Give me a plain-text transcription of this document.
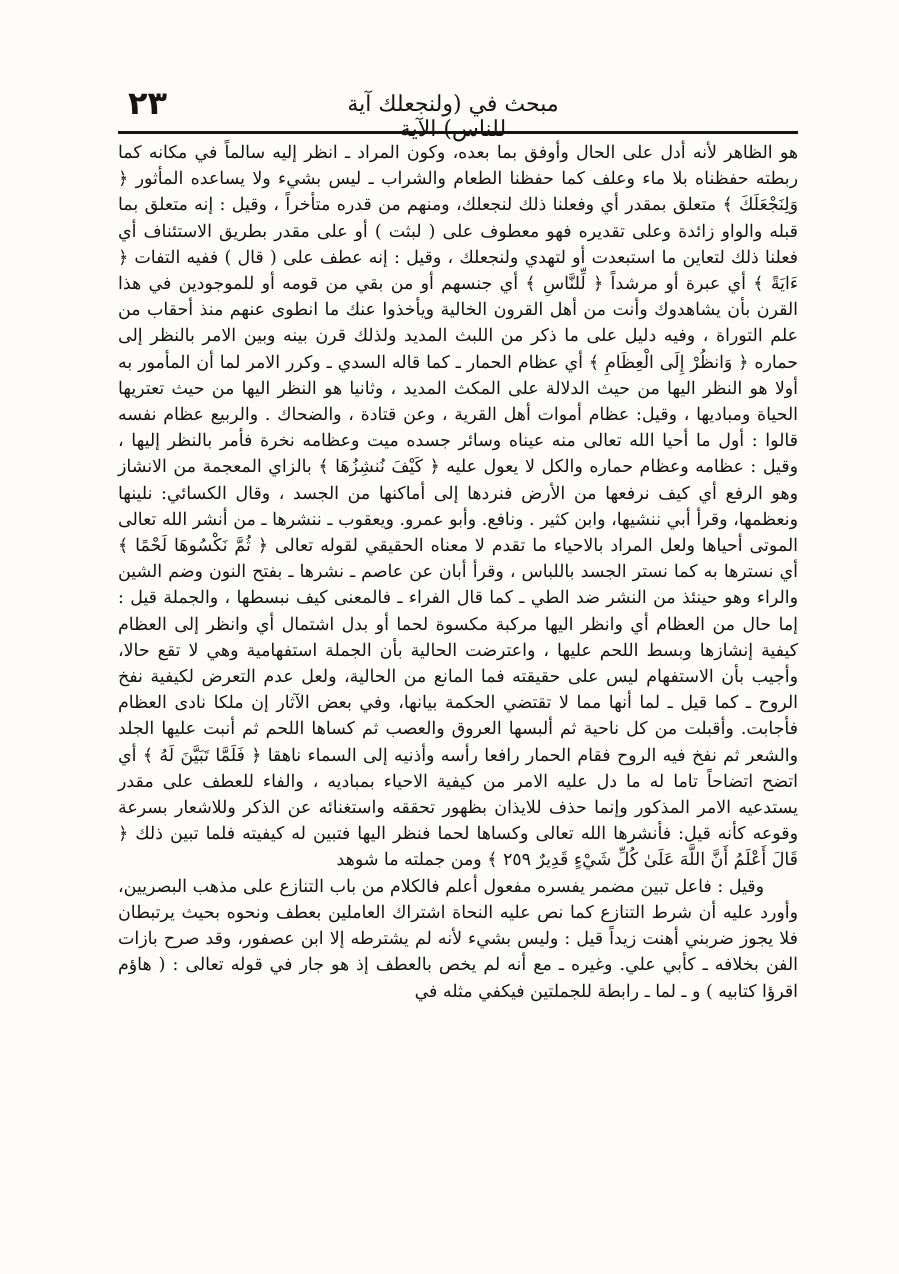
٢٣	مبحث في (ولنجعلك آية للناس) الآية

هو الظاهر لأنه أدل على الحال وأوفق بما بعده، وكون المراد ـ انظر إليه سالماً في مكانه كما ربطته حفظناه بلا ماء وعلف كما حفظنا الطعام والشراب ـ ليس بشيء ولا يساعده المأثور ﴿ وَلِنَجْعَلَكَ ﴾ متعلق بمقدر أي وفعلنا ذلك لنجعلك، ومنهم من قدره متأخراً ، وقيل : إنه متعلق بما قبله والواو زائدة وعلى تقديره فهو معطوف على ( لبثت ) أو على مقدر بطريق الاستئناف أي فعلنا ذلك لتعاين ما استبعدت أو لتهدي ولنجعلك ، وقيل : إنه عطف على ( قال ) ففيه التفات ﴿ ءَايَةً ﴾ أي عبرة أو مرشداً ﴿ لِّلنَّاسِ ﴾ أي جنسهم أو من بقي من قومه أو للموجودين في هذا القرن بأن يشاهدوك وأنت من أهل القرون الخالية ويأخذوا عنك ما انطوى عنهم منذ أحقاب من علم التوراة ، وفيه دليل على ما ذكر من اللبث المديد ولذلك قرن بينه وبين الامر بالنظر إلى حماره ﴿ وَانظُرْ إِلَى الْعِظَامِ ﴾ أي عظام الحمار ـ كما قاله السدي ـ وكرر الامر لما أن المأمور به أولا هو النظر اليها من حيث الدلالة على المكث المديد ، وثانيا هو النظر اليها من حيث تعتريها الحياة ومباديها ، وقيل: عظام أموات أهل القرية ، وعن قتادة ، والضحاك . والربيع عظام نفسه قالوا : أول ما أحيا الله تعالى منه عيناه وسائر جسده ميت وعظامه نخرة فأمر بالنظر إليها ، وقيل : عظامه وعظام حماره والكل لا يعول عليه ﴿ كَيْفَ نُنشِزُهَا ﴾ بالزاي المعجمة من الانشاز وهو الرفع أي كيف نرفعها من الأرض فنردها إلى أماكنها من الجسد ، وقال الكسائي: نلينها ونعظمها، وقرأ أبي ننشيها، وابن كثير . ونافع. وأبو عمرو. ويعقوب ـ ننشرها ـ من أنشر الله تعالى الموتى أحياها ولعل المراد بالاحياء ما تقدم لا معناه الحقيقي لقوله تعالى ﴿ ثُمَّ نَكْسُوهَا لَحْمًا ﴾ أي نسترها به كما نستر الجسد باللباس ، وقرأ أبان عن عاصم ـ نشرها ـ بفتح النون وضم الشين والراء وهو حينئذ من النشر ضد الطي ـ كما قال الفراء ـ فالمعنى كيف نبسطها ، والجملة قيل : إما حال من العظام أي وانظر اليها مركبة مكسوة لحما أو بدل اشتمال أي وانظر إلى العظام كيفية إنشازها وبسط اللحم عليها ، واعترضت الحالية بأن الجملة استفهامية وهي لا تقع حالا، وأجيب بأن الاستفهام ليس على حقيقته فما المانع من الحالية، ولعل عدم التعرض لكيفية نفخ الروح ـ كما قيل ـ لما أنها مما لا تقتضي الحكمة بيانها، وفي بعض الآثار إن ملكا نادى العظام فأجابت. وأقبلت من كل ناحية ثم ألبسها العروق والعصب ثم كساها اللحم ثم أنبت عليها الجلد والشعر ثم نفخ فيه الروح فقام الحمار رافعا رأسه وأذنيه إلى السماء ناهقا ﴿ فَلَمَّا تَبَيَّنَ لَهُ ﴾ أي اتضح اتضاحاً تاما له ما دل عليه الامر من كيفية الاحياء بمباديه ، والفاء للعطف على مقدر يستدعيه الامر المذكور وإنما حذف للايذان بظهور تحققه واستغنائه عن الذكر وللاشعار بسرعة وقوعه كأنه قيل: فأنشرها الله تعالى وكساها لحما فنظر اليها فتبين له كيفيته فلما تبين ذلك ﴿ قَالَ أَعْلَمُ أَنَّ اللَّهَ عَلَىٰ كُلِّ شَيْءٍ قَدِيرٌ ٢٥٩ ﴾ ومن جملته ما شوهد

وقيل : فاعل تبين مضمر يفسره مفعول أعلم فالكلام من باب التنازع على مذهب البصريين، وأورد عليه أن شرط التنازع كما نص عليه النحاة اشتراك العاملين بعطف ونحوه بحيث يرتبطان فلا يجوز ضربني أهنت زيداً قيل : وليس بشيء لأنه لم يشترطه إلا ابن عصفور، وقد صرح بازات الفن بخلافه ـ كأبي علي. وغيره ـ مع أنه لم يخص بالعطف إذ هو جار في قوله تعالى : ( هاؤم اقرؤا كتابيه ) و ـ لما ـ رابطة للجملتين فيكفي مثله في
